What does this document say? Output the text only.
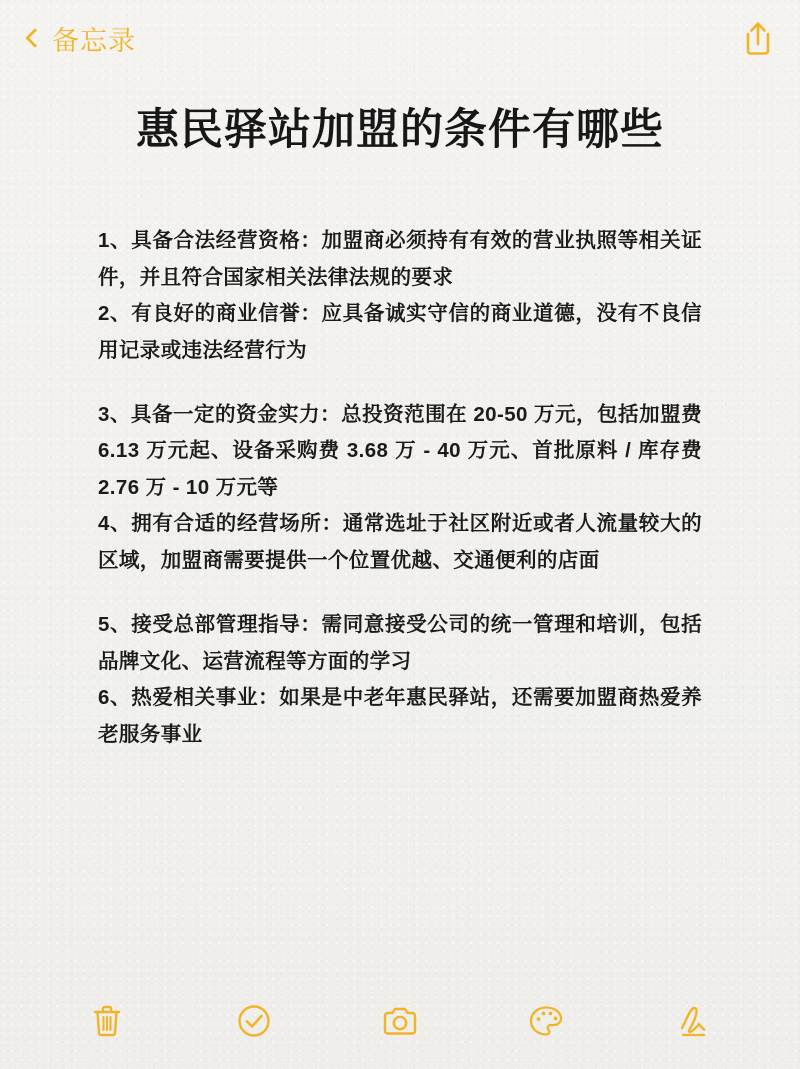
备忘录
惠民驿站加盟的条件有哪些

1、具备合法经营资格：加盟商必须持有有效的营业执照等相关证件，并且符合国家相关法律法规的要求

2、有良好的商业信誉：应具备诚实守信的商业道德，没有不良信用记录或违法经营行为

3、具备一定的资金实力：总投资范围在 20-50 万元，包括加盟费 6.13 万元起、设备采购费 3.68 万 - 40 万元、首批原料 / 库存费 2.76 万 - 10 万元等

4、拥有合适的经营场所：通常选址于社区附近或者人流量较大的区域，加盟商需要提供一个位置优越、交通便利的店面

5、接受总部管理指导：需同意接受公司的统一管理和培训，包括品牌文化、运营流程等方面的学习

6、热爱相关事业：如果是中老年惠民驿站，还需要加盟商热爱养老服务事业
